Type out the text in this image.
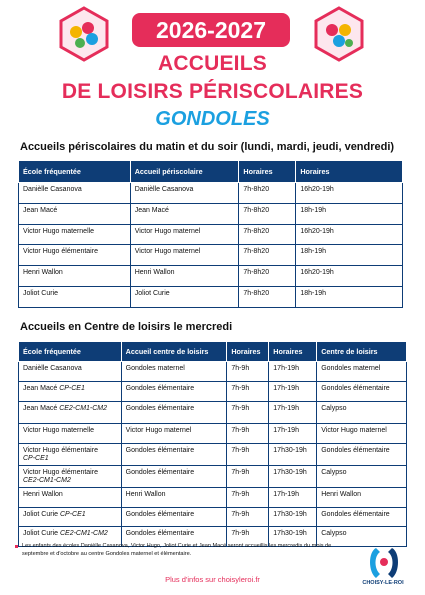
2026-2027
ACCUEILS
DE LOISIRS PÉRISCOLAIRES
GONDOLES
Accueils périscolaires du matin et du soir (lundi, mardi, jeudi, vendredi)
École fréquentée	Accueil périscolaire	Horaires	Horaires
Danièlle Casanova	Danièlle Casanova	7h-8h20	16h20-19h
Jean Macé	Jean Macé	7h-8h20	18h-19h
Victor Hugo maternelle	Victor Hugo maternel	7h-8h20	16h20-19h
Victor Hugo élémentaire	Victor Hugo maternel	7h-8h20	18h-19h
Henri Wallon	Henri Wallon	7h-8h20	16h20-19h
Joliot Curie	Joliot Curie	7h-8h20	18h-19h
Accueils en Centre de loisirs le mercredi
École fréquentée	Accueil centre de loisirs	Horaires	Horaires	Centre de loisirs
Danièlle Casanova	Gondoles maternel	7h-9h	17h-19h	Gondoles maternel
Jean Macé CP-CE1	Gondoles élémentaire	7h-9h	17h-19h	Gondoles élémentaire
Jean Macé CE2-CM1-CM2	Gondoles élémentaire	7h-9h	17h-19h	Calypso
Victor Hugo maternelle	Victor Hugo maternel	7h-9h	17h-19h	Victor Hugo maternel
Victor Hugo élémentaire
CP-CE1	Gondoles élémentaire	7h-9h	17h30-19h	Gondoles élémentaire
Victor Hugo élémentaire
CE2-CM1-CM2	Gondoles élémentaire	7h-9h	17h30-19h	Calypso
Henri Wallon	Henri Wallon	7h-9h	17h-19h	Henri Wallon
Joliot Curie CP-CE1	Gondoles élémentaire	7h-9h	17h30-19h	Gondoles élémentaire
Joliot Curie CE2-CM1-CM2	Gondoles élémentaire	7h-9h	17h30-19h	Calypso
Les enfants des écoles Danièlle Casanova, Victor Hugo, Joliot Curie et Jean Macé seront accueillis les mercredis du mois de septembre et d'octobre au centre Gondoles maternel et élémentaire.
Plus d'infos sur choisyleroi.fr	CHOISY-LE-ROI
